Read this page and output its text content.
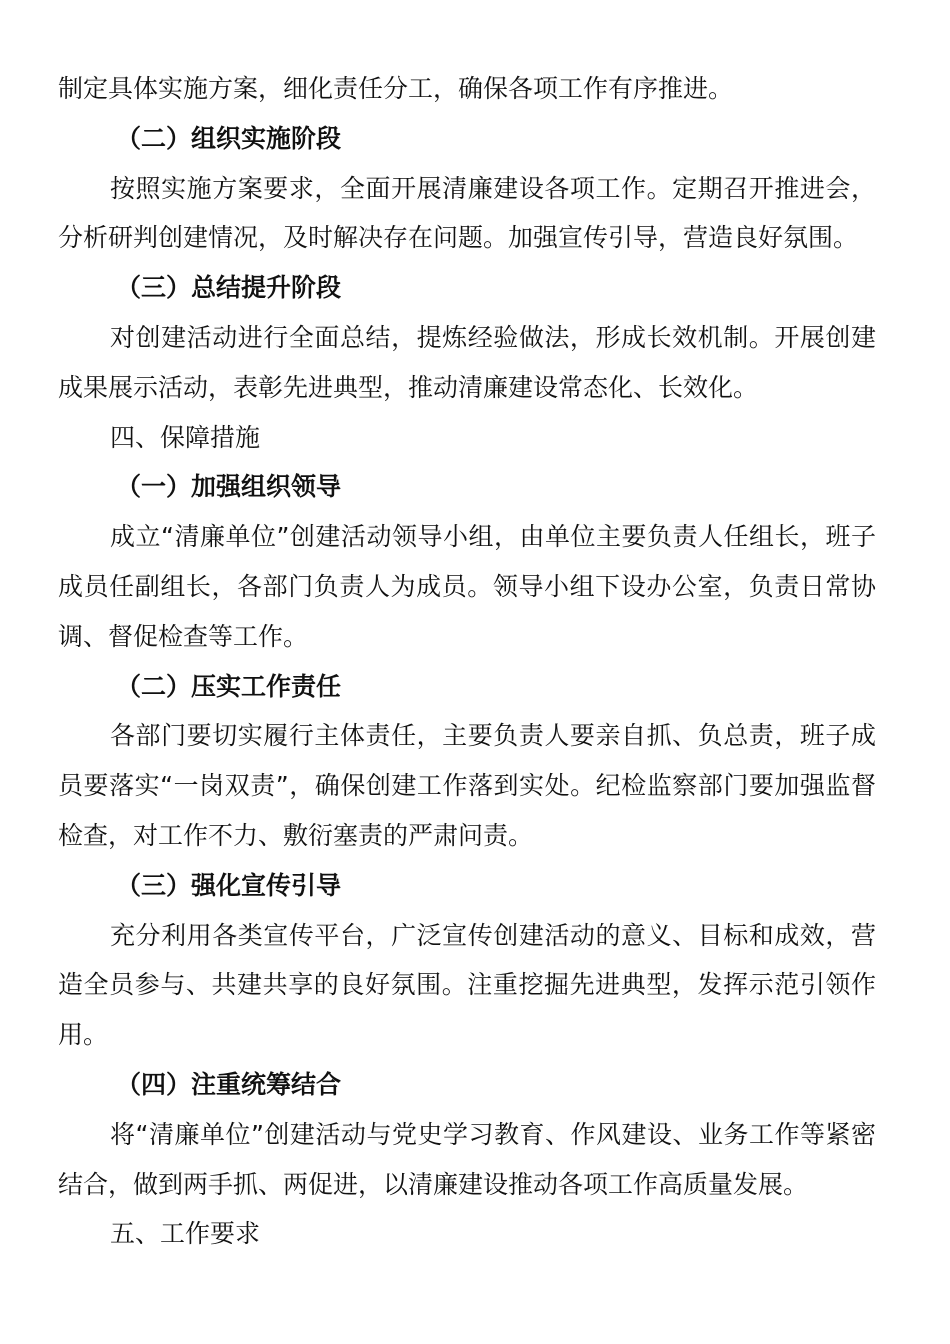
制定具体实施方案，细化责任分工，确保各项工作有序推进。

（二）组织实施阶段

按照实施方案要求，全面开展清廉建设各项工作。定期召开推进会，分析研判创建情况，及时解决存在问题。加强宣传引导，营造良好氛围。

（三）总结提升阶段

对创建活动进行全面总结，提炼经验做法，形成长效机制。开展创建成果展示活动，表彰先进典型，推动清廉建设常态化、长效化。

四、保障措施

（一）加强组织领导

成立“清廉单位”创建活动领导小组，由单位主要负责人任组长，班子成员任副组长，各部门负责人为成员。领导小组下设办公室，负责日常协调、督促检查等工作。

（二）压实工作责任

各部门要切实履行主体责任，主要负责人要亲自抓、负总责，班子成员要落实“一岗双责”，确保创建工作落到实处。纪检监察部门要加强监督检查，对工作不力、敷衍塞责的严肃问责。

（三）强化宣传引导

充分利用各类宣传平台，广泛宣传创建活动的意义、目标和成效，营造全员参与、共建共享的良好氛围。注重挖掘先进典型，发挥示范引领作用。

（四）注重统筹结合

将“清廉单位”创建活动与党史学习教育、作风建设、业务工作等紧密结合，做到两手抓、两促进，以清廉建设推动各项工作高质量发展。

五、工作要求
